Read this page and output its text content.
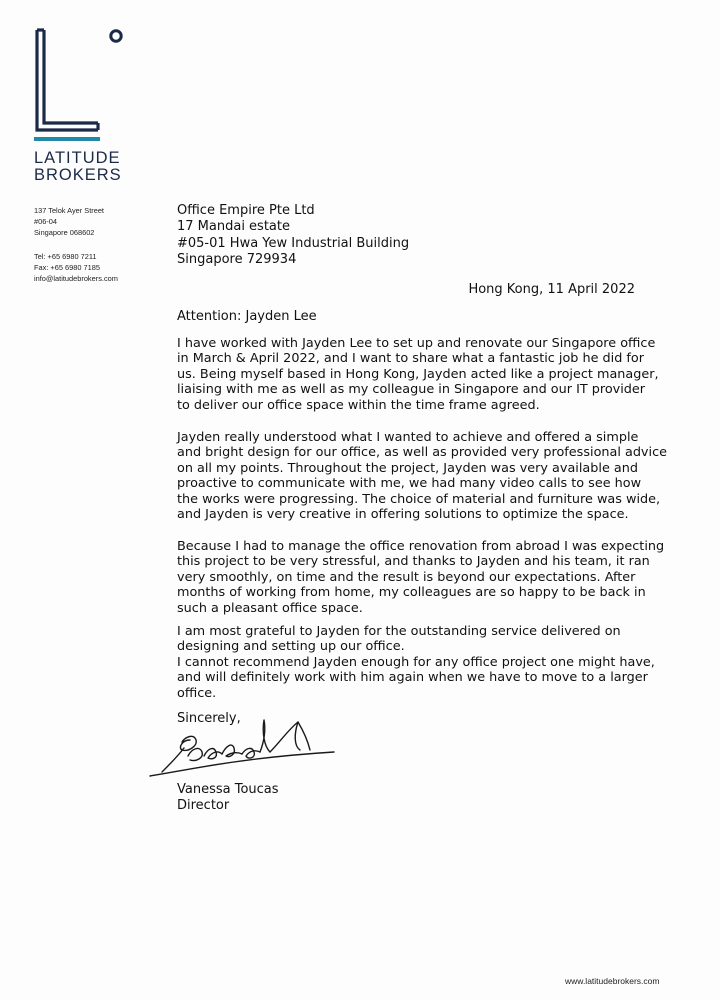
LATITUDE
BROKERS
137 Telok Ayer Street
#06-04
Singapore 068602
Tel: +65 6980 7211
Fax: +65 6980 7185
info@latitudebrokers.com
Office Empire Pte Ltd
17 Mandai estate
#05-01 Hwa Yew Industrial Building
Singapore 729934
Hong Kong, 11 April 2022
Attention: Jayden Lee
I have worked with Jayden Lee to set up and renovate our Singapore office
in March & April 2022, and I want to share what a fantastic job he did for
us. Being myself based in Hong Kong, Jayden acted like a project manager,
liaising with me as well as my colleague in Singapore and our IT provider
to deliver our office space within the time frame agreed.
Jayden really understood what I wanted to achieve and offered a simple
and bright design for our office, as well as provided very professional advice
on all my points. Throughout the project, Jayden was very available and
proactive to communicate with me, we had many video calls to see how
the works were progressing. The choice of material and furniture was wide,
and Jayden is very creative in offering solutions to optimize the space.
Because I had to manage the office renovation from abroad I was expecting
this project to be very stressful, and thanks to Jayden and his team, it ran
very smoothly, on time and the result is beyond our expectations. After
months of working from home, my colleagues are so happy to be back in
such a pleasant office space.
I am most grateful to Jayden for the outstanding service delivered on
designing and setting up our office.
I cannot recommend Jayden enough for any office project one might have,
and will definitely work with him again when we have to move to a larger
office.
Sincerely,
Vanessa Toucas
Director
www.latitudebrokers.com
